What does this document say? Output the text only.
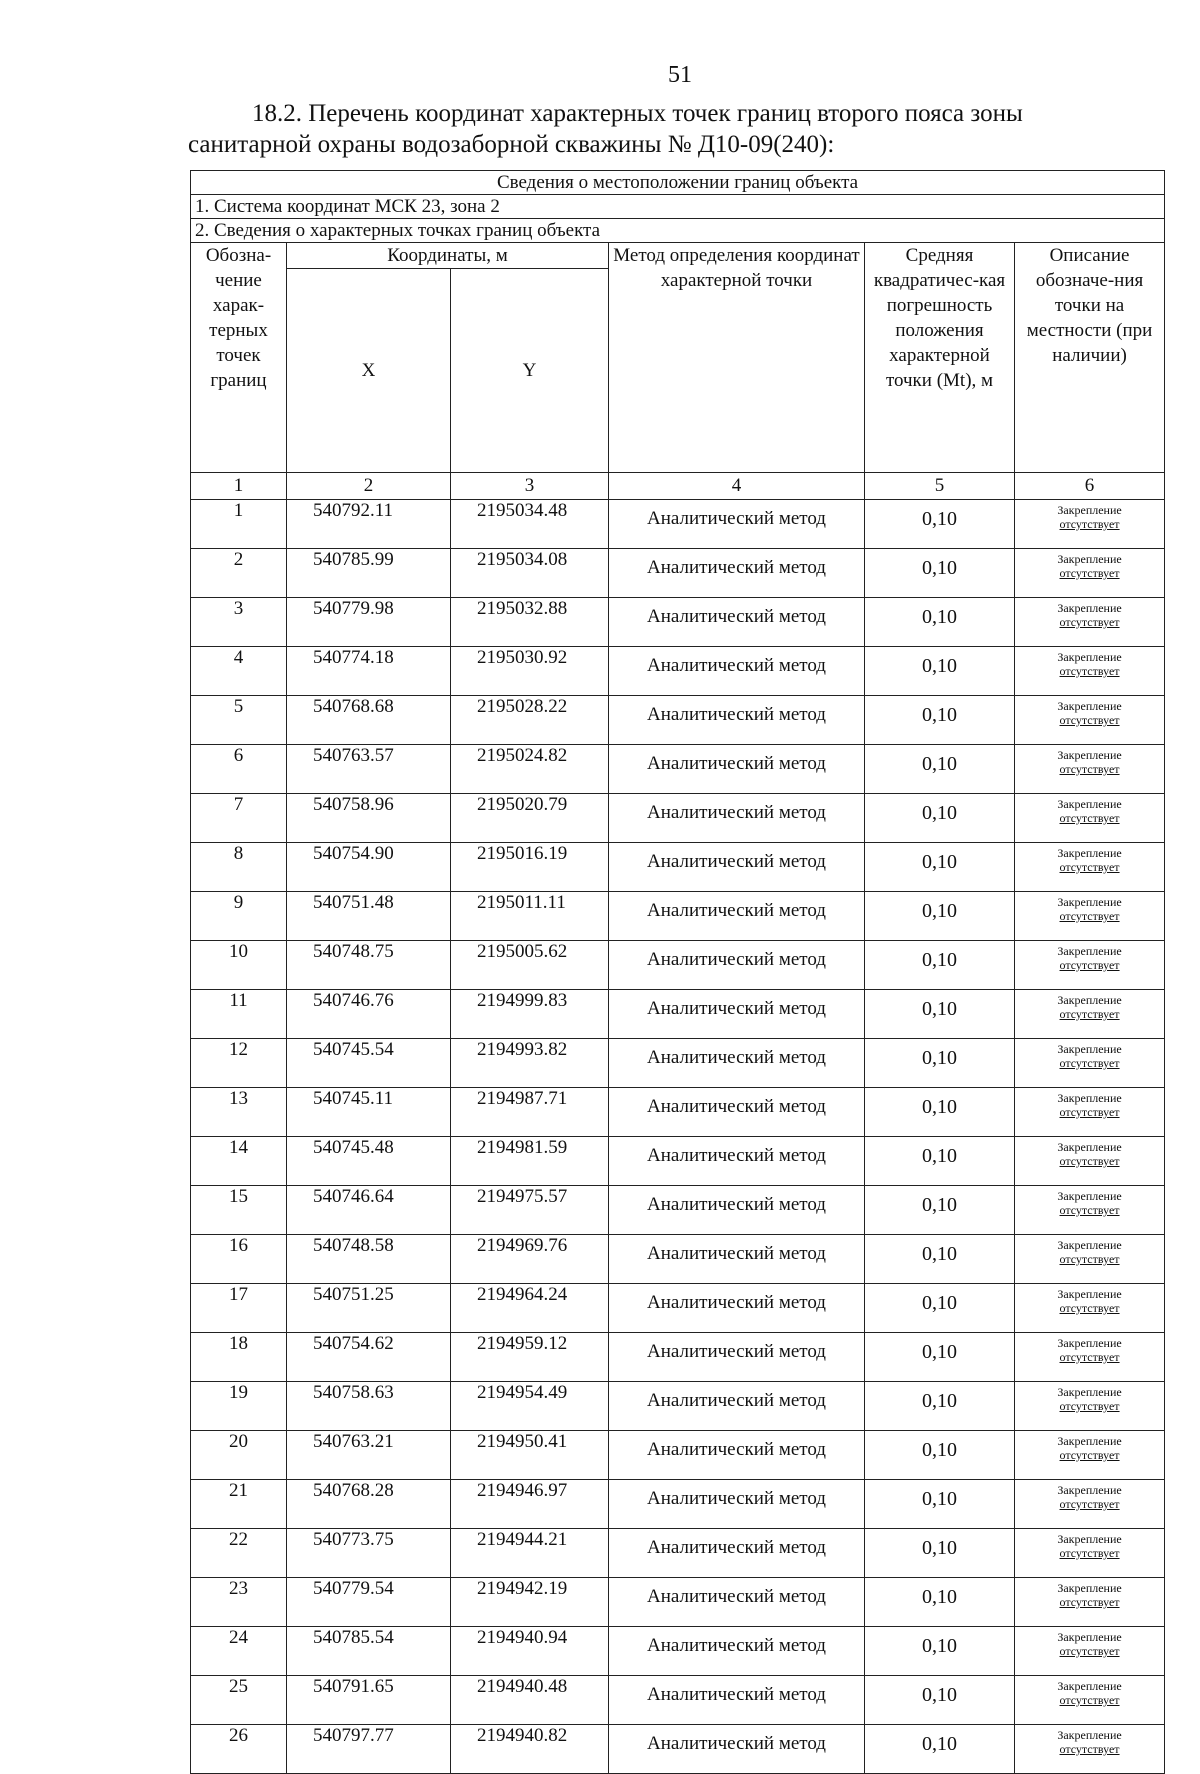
51
18.2. Перечень координат характерных точек границ второго пояса зоны
санитарной охраны водозаборной скважины № Д10-09(240):
Сведения о местоположении границ объекта					
1. Система координат МСК 23, зона 2					
2. Сведения о характерных точках границ объекта					
Обозна-чение харак-терных точек границ	Координаты, м		Метод определения координат характерной точки	Средняя квадратичес-кая погрешность положения характерной точки (Mt), м	Описание обозначе-ния точки на местности (при наличии)
	X	Y			
1	2	3	4	5	6
1	540792.11	2195034.48	Аналитический метод	0,10	Закрепление
отсутствует

2	540785.99	2195034.08	Аналитический метод	0,10	Закрепление
отсутствует

3	540779.98	2195032.88	Аналитический метод	0,10	Закрепление
отсутствует

4	540774.18	2195030.92	Аналитический метод	0,10	Закрепление
отсутствует

5	540768.68	2195028.22	Аналитический метод	0,10	Закрепление
отсутствует

6	540763.57	2195024.82	Аналитический метод	0,10	Закрепление
отсутствует

7	540758.96	2195020.79	Аналитический метод	0,10	Закрепление
отсутствует

8	540754.90	2195016.19	Аналитический метод	0,10	Закрепление
отсутствует

9	540751.48	2195011.11	Аналитический метод	0,10	Закрепление
отсутствует

10	540748.75	2195005.62	Аналитический метод	0,10	Закрепление
отсутствует

11	540746.76	2194999.83	Аналитический метод	0,10	Закрепление
отсутствует

12	540745.54	2194993.82	Аналитический метод	0,10	Закрепление
отсутствует

13	540745.11	2194987.71	Аналитический метод	0,10	Закрепление
отсутствует

14	540745.48	2194981.59	Аналитический метод	0,10	Закрепление
отсутствует

15	540746.64	2194975.57	Аналитический метод	0,10	Закрепление
отсутствует

16	540748.58	2194969.76	Аналитический метод	0,10	Закрепление
отсутствует

17	540751.25	2194964.24	Аналитический метод	0,10	Закрепление
отсутствует

18	540754.62	2194959.12	Аналитический метод	0,10	Закрепление
отсутствует

19	540758.63	2194954.49	Аналитический метод	0,10	Закрепление
отсутствует

20	540763.21	2194950.41	Аналитический метод	0,10	Закрепление
отсутствует

21	540768.28	2194946.97	Аналитический метод	0,10	Закрепление
отсутствует

22	540773.75	2194944.21	Аналитический метод	0,10	Закрепление
отсутствует

23	540779.54	2194942.19	Аналитический метод	0,10	Закрепление
отсутствует

24	540785.54	2194940.94	Аналитический метод	0,10	Закрепление
отсутствует

25	540791.65	2194940.48	Аналитический метод	0,10	Закрепление
отсутствует

26	540797.77	2194940.82	Аналитический метод	0,10	Закрепление
отсутствует
